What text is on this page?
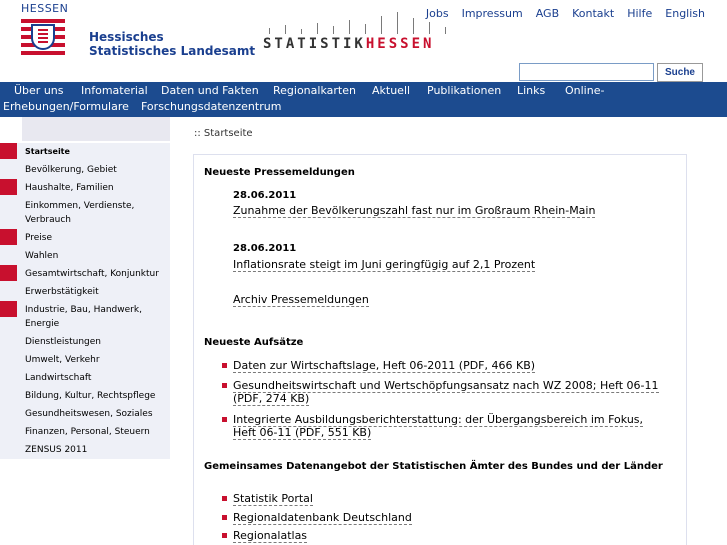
HESSEN
Hessisches
Statistisches Landesamt STATISTIKHESSEN
Jobs Impressum AGB Kontakt Hilfe English
Suche
Über uns Infomaterial Daten und Fakten Regionalkarten Aktuell Publikationen Links Online-
Erhebungen/Formulare Forschungsdatenzentrum
Startseite
Bevölkerung, Gebiet
Haushalte, Familien
Einkommen, Verdienste, Verbrauch
Preise
Wahlen
Gesamtwirtschaft, Konjunktur
Erwerbstätigkeit
Industrie, Bau, Handwerk, Energie
Dienstleistungen
Umwelt, Verkehr
Landwirtschaft
Bildung, Kultur, Rechtspflege
Gesundheitswesen, Soziales
Finanzen, Personal, Steuern
ZENSUS 2011
:: Startseite
Neueste Pressemeldungen
28.06.2011
Zunahme der Bevölkerungszahl fast nur im Großraum Rhein-Main
28.06.2011
Inflationsrate steigt im Juni geringfügig auf 2,1 Prozent
Archiv Pressemeldungen
Neueste Aufsätze
Daten zur Wirtschaftslage, Heft 06-2011 (PDF, 466 KB)
Gesundheitswirtschaft und Wertschöpfungsansatz nach WZ 2008; Heft 06-11 (PDF, 274 KB)
Integrierte Ausbildungsberichterstattung: der Übergangsbereich im Fokus, Heft 06-11 (PDF, 551 KB)
Gemeinsames Datenangebot der Statistischen Ämter des Bundes und der Länder
Statistik Portal
Regionaldatenbank Deutschland
Regionalatlas
